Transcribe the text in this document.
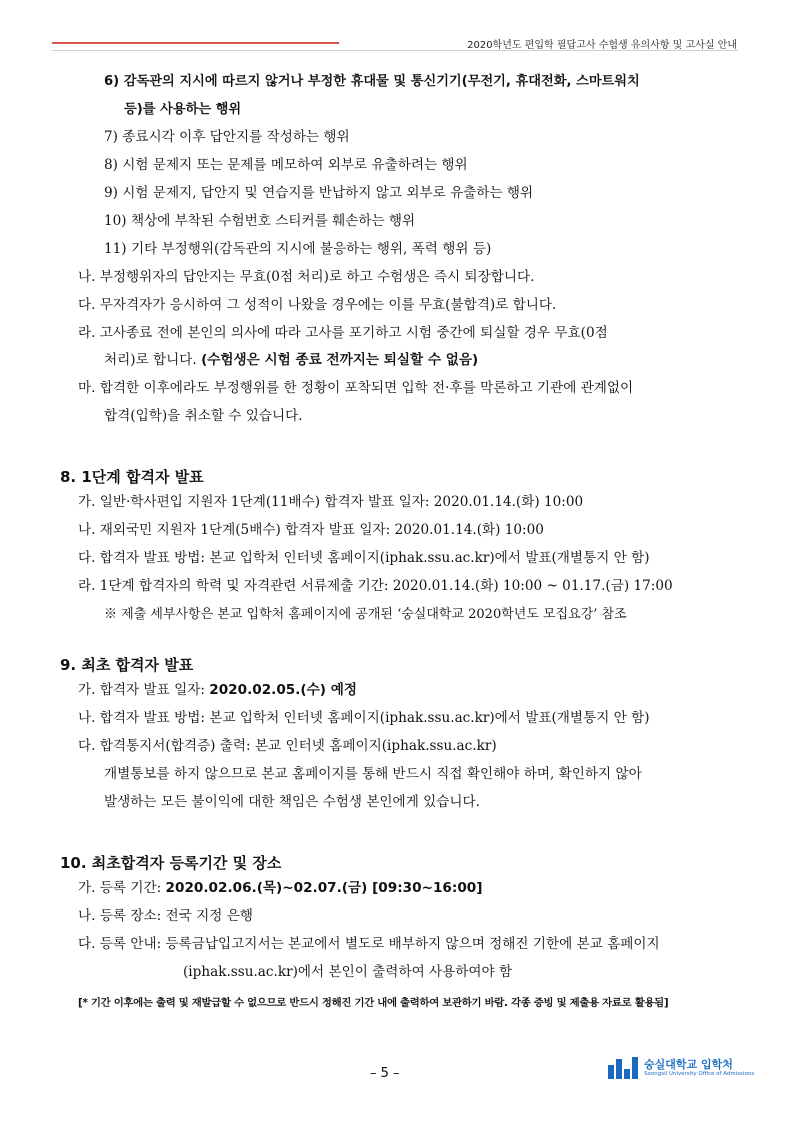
2020학년도 편입학 필답고사 수험생 유의사항 및 고사실 안내
6) 감독관의 지시에 따르지 않거나 부정한 휴대물 및 통신기기(무전기, 휴대전화, 스마트워치
등)를 사용하는 행위
7) 종료시각 이후 답안지를 작성하는 행위
8) 시험 문제지 또는 문제를 메모하여 외부로 유출하려는 행위
9) 시험 문제지, 답안지 및 연습지를 반납하지 않고 외부로 유출하는 행위
10) 책상에 부착된 수험번호 스티커를 훼손하는 행위
11) 기타 부정행위(감독관의 지시에 불응하는 행위, 폭력 행위 등)
나. 부정행위자의 답안지는 무효(0점 처리)로 하고 수험생은 즉시 퇴장합니다.
다. 무자격자가 응시하여 그 성적이 나왔을 경우에는 이를 무효(불합격)로 합니다.
라. 고사종료 전에 본인의 의사에 따라 고사를 포기하고 시험 중간에 퇴실할 경우 무효(0점
처리)로 합니다. (수험생은 시험 종료 전까지는 퇴실할 수 없음)
마. 합격한 이후에라도 부정행위를 한 정황이 포착되면 입학 전·후를 막론하고 기관에 관계없이
합격(입학)을 취소할 수 있습니다.
8. 1단계 합격자 발표
가. 일반·학사편입 지원자 1단계(11배수) 합격자 발표 일자: 2020.01.14.(화) 10:00
나. 재외국민 지원자 1단계(5배수) 합격자 발표 일자: 2020.01.14.(화) 10:00
다. 합격자 발표 방법: 본교 입학처 인터넷 홈페이지(iphak.ssu.ac.kr)에서 발표(개별통지 안 함)
라. 1단계 합격자의 학력 및 자격관련 서류제출 기간: 2020.01.14.(화) 10:00 ~ 01.17.(금) 17:00
※ 제출 세부사항은 본교 입학처 홈페이지에 공개된 ‘숭실대학교 2020학년도 모집요강’ 참조
9. 최초 합격자 발표
가. 합격자 발표 일자: 2020.02.05.(수) 예정
나. 합격자 발표 방법: 본교 입학처 인터넷 홈페이지(iphak.ssu.ac.kr)에서 발표(개별통지 안 함)
다. 합격통지서(합격증) 출력: 본교 인터넷 홈페이지(iphak.ssu.ac.kr)
개별통보를 하지 않으므로 본교 홈페이지를 통해 반드시 직접 확인해야 하며, 확인하지 않아
발생하는 모든 불이익에 대한 책임은 수험생 본인에게 있습니다.
10. 최초합격자 등록기간 및 장소
가. 등록 기간: 2020.02.06.(목)~02.07.(금) [09:30~16:00]
나. 등록 장소: 전국 지정 은행
다. 등록 안내: 등록금납입고지서는 본교에서 별도로 배부하지 않으며 정해진 기한에 본교 홈페이지
(iphak.ssu.ac.kr)에서 본인이 출력하여 사용하여야 함
[* 기간 이후에는 출력 및 재발급할 수 없으므로 반드시 정해진 기간 내에 출력하여 보관하기 바람. 각종 증빙 및 제출용 자료로 활용됨]
– 5 –
숭실대학교 입학처
Soongsil University Office of Admissions
